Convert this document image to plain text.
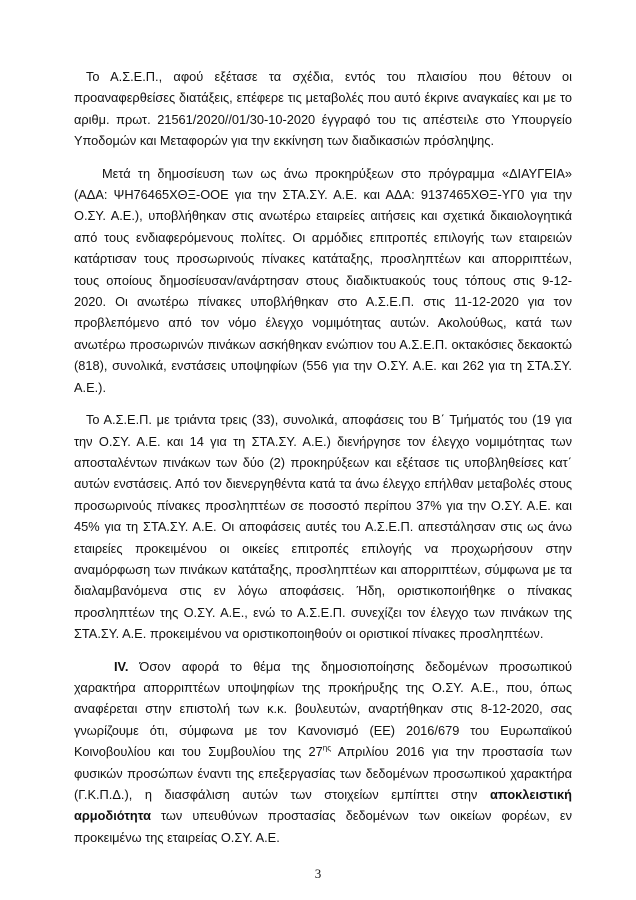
Το Α.Σ.Ε.Π., αφού εξέτασε τα σχέδια, εντός του πλαισίου που θέτουν οι προαναφερθείσες διατάξεις, επέφερε τις μεταβολές που αυτό έκρινε αναγκαίες και με το αριθμ. πρωτ. 21561/2020//01/30-10-2020 έγγραφό του τις απέστειλε στο Υπουργείο Υποδομών και Μεταφορών για την εκκίνηση των διαδικασιών πρόσληψης.

Μετά τη δημοσίευση των ως άνω προκηρύξεων στο πρόγραμμα «ΔΙΑΥΓΕΙΑ» (ΑΔΑ: ΨΗ76465ΧΘΞ-ΟΟΕ για την ΣΤΑ.ΣΥ. Α.Ε. και ΑΔΑ: 9137465ΧΘΞ-ΥΓ0 για την Ο.ΣΥ. Α.Ε.), υποβλήθηκαν στις ανωτέρω εταιρείες αιτήσεις και σχετικά δικαιολογητικά από τους ενδιαφερόμενους πολίτες. Οι αρμόδιες επιτροπές επιλογής των εταιρειών κατάρτισαν τους προσωρινούς πίνακες κατάταξης, προσληπτέων και απορριπτέων, τους οποίους δημοσίευσαν/ανάρτησαν στους διαδικτυακούς τους τόπους στις 9-12-2020. Οι ανωτέρω πίνακες υποβλήθηκαν στο Α.Σ.Ε.Π. στις 11-12-2020 για τον προβλεπόμενο από τον νόμο έλεγχο νομιμότητας αυτών. Ακολούθως, κατά των ανωτέρω προσωρινών πινάκων ασκήθηκαν ενώπιον του Α.Σ.Ε.Π. οκτακόσιες δεκαοκτώ (818), συνολικά, ενστάσεις υποψηφίων (556 για την Ο.ΣΥ. Α.Ε. και 262 για τη ΣΤΑ.ΣΥ. Α.Ε.).

Το Α.Σ.Ε.Π. με τριάντα τρεις (33), συνολικά, αποφάσεις του Β΄ Τμήματός του (19 για την Ο.ΣΥ. Α.Ε. και 14 για τη ΣΤΑ.ΣΥ. Α.Ε.) διενήργησε τον έλεγχο νομιμότητας των αποσταλέντων πινάκων των δύο (2) προκηρύξεων και εξέτασε τις υποβληθείσες κατ΄ αυτών ενστάσεις. Από τον διενεργηθέντα κατά τα άνω έλεγχο επήλθαν μεταβολές στους προσωρινούς πίνακες προσληπτέων σε ποσοστό περίπου 37% για την Ο.ΣΥ. Α.Ε. και 45% για τη ΣΤΑ.ΣΥ. Α.Ε. Οι αποφάσεις αυτές του Α.Σ.Ε.Π. απεστάλησαν στις ως άνω εταιρείες προκειμένου οι οικείες επιτροπές επιλογής να προχωρήσουν στην αναμόρφωση των πινάκων κατάταξης, προσληπτέων και απορριπτέων, σύμφωνα με τα διαλαμβανόμενα στις εν λόγω αποφάσεις. Ήδη, οριστικοποιήθηκε ο πίνακας προσληπτέων της Ο.ΣΥ. Α.Ε., ενώ το Α.Σ.Ε.Π. συνεχίζει τον έλεγχο των πινάκων της ΣΤΑ.ΣΥ. Α.Ε. προκειμένου να οριστικοποιηθούν οι οριστικοί πίνακες προσληπτέων.

IV. Όσον αφορά το θέμα της δημοσιοποίησης δεδομένων προσωπικού χαρακτήρα απορριπτέων υποψηφίων της προκήρυξης της Ο.ΣΥ. Α.Ε., που, όπως αναφέρεται στην επιστολή των κ.κ. βουλευτών, αναρτήθηκαν στις 8-12-2020, σας γνωρίζουμε ότι, σύμφωνα με τον Κανονισμό (ΕΕ) 2016/679 του Ευρωπαϊκού Κοινοβουλίου και του Συμβουλίου της $27^{\eta\varsigma}$ Απριλίου 2016 για την προστασία των φυσικών προσώπων έναντι της επεξεργασίας των δεδομένων προσωπικού χαρακτήρα (Γ.Κ.Π.Δ.), η διασφάλιση αυτών των στοιχείων εμπίπτει στην αποκλειστική αρμοδιότητα των υπευθύνων προστασίας δεδομένων των οικείων φορέων, εν προκειμένω της εταιρείας Ο.ΣΥ. Α.Ε.

3
